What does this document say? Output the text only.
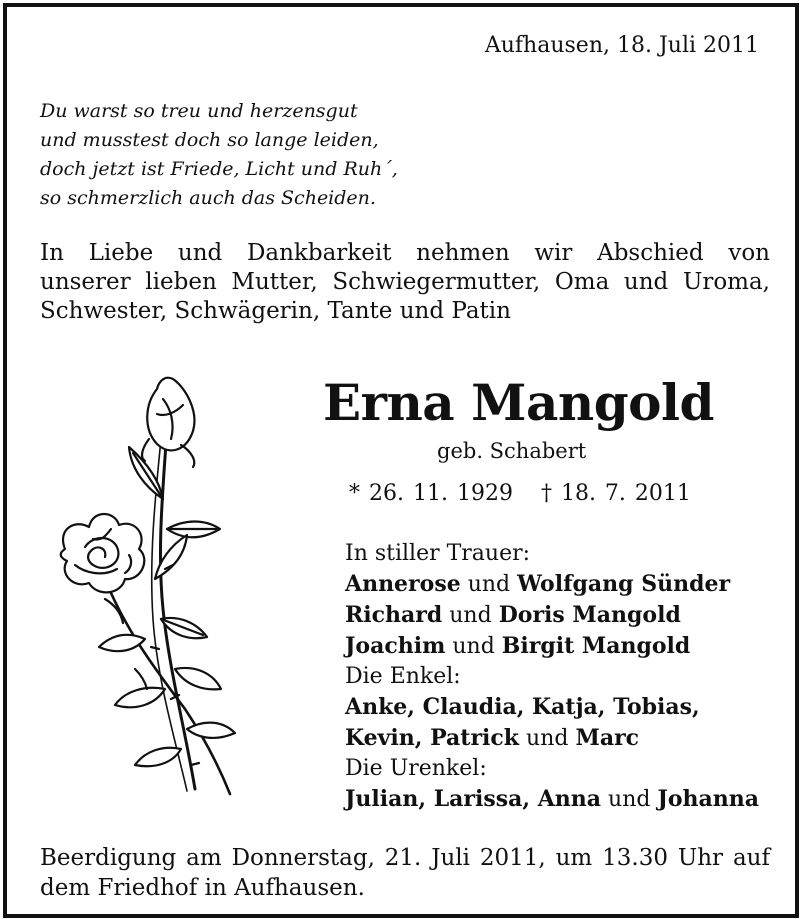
Aufhausen, 18. Juli 2011
Du warst so treu und herzensgut
und musstest doch so lange leiden,
doch jetzt ist Friede, Licht und Ruh´,
so schmerzlich auch das Scheiden.
In Liebe und Dankbarkeit nehmen wir Abschied von
unserer lieben Mutter, Schwiegermutter, Oma und Uroma,
Schwester, Schwägerin, Tante und Patin
Erna Mangold
geb. Schabert
* 26. 11. 1929 † 18. 7. 2011
In stiller Trauer:
Annerose und Wolfgang Sünder
Richard und Doris Mangold
Joachim und Birgit Mangold
Die Enkel:
Anke, Claudia, Katja, Tobias,
Kevin, Patrick und Marc
Die Urenkel:
Julian, Larissa, Anna und Johanna
Beerdigung am Donnerstag, 21. Juli 2011, um 13.30 Uhr auf
dem Friedhof in Aufhausen.
